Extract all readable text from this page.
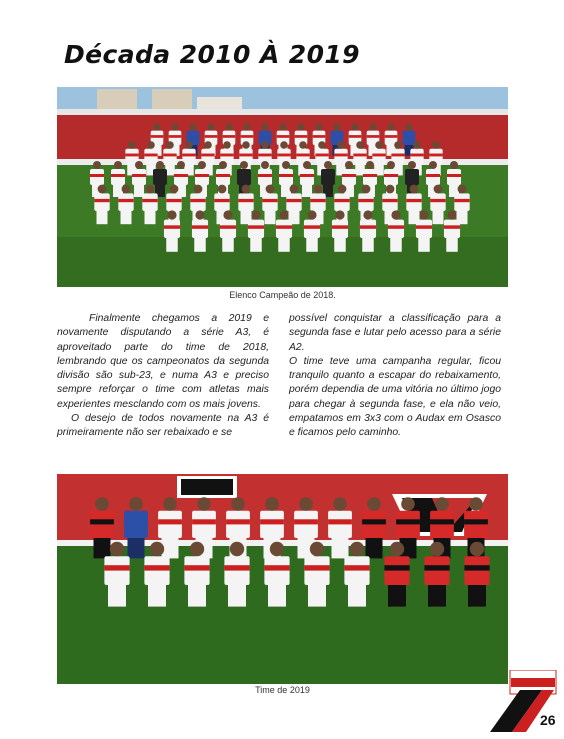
Década 2010 À 2019
Elenco Campeão de 2018.

Finalmente chegamos a 2019 e novamente disputando a série A3, é aproveitado parte do time de 2018, lembrando que os campeonatos da segunda divisão são sub-23, e numa A3 e preciso sempre reforçar o time com atletas mais experientes mesclando com os mais jovens.

O desejo de todos novamente na A3 é primeiramente não ser rebaixado e se

possível conquistar a classificação para a segunda fase e lutar pelo acesso para a série A2.

O time teve uma campanha regular, ficou tranquilo quanto a escapar do rebaixamento, porém dependia de uma vitória no último jogo para chegar à segunda fase, e ela não veio, empatamos em 3x3 com o Audax em Osasco e ficamos pelo caminho.

Time de 2019
26
